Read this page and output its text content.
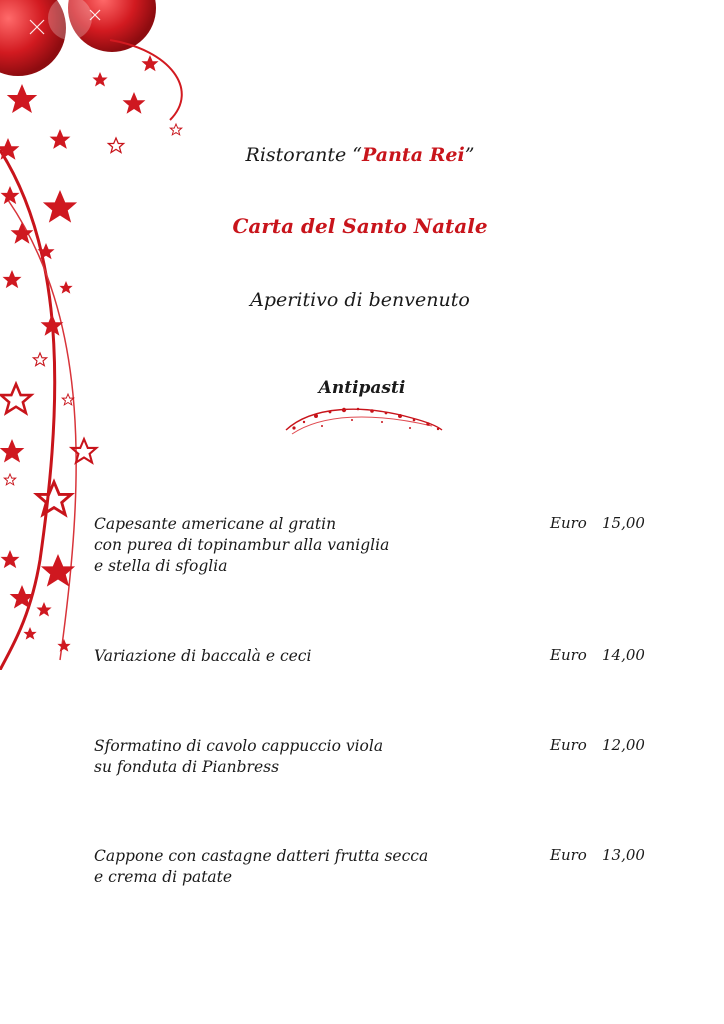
Ristorante “Panta Rei”
Carta del Santo Natale
Aperitivo di benvenuto
Antipasti
Capesante americane al gratin
con purea di topinambur alla vaniglia
e stella di sfoglia
Euro 15,00
Variazione di baccalà e ceci	Euro 14,00
Sformatino di cavolo cappuccio viola
su fonduta di Pianbress
Euro 12,00
Cappone con castagne datteri frutta secca
e crema di patate
Euro 13,00
